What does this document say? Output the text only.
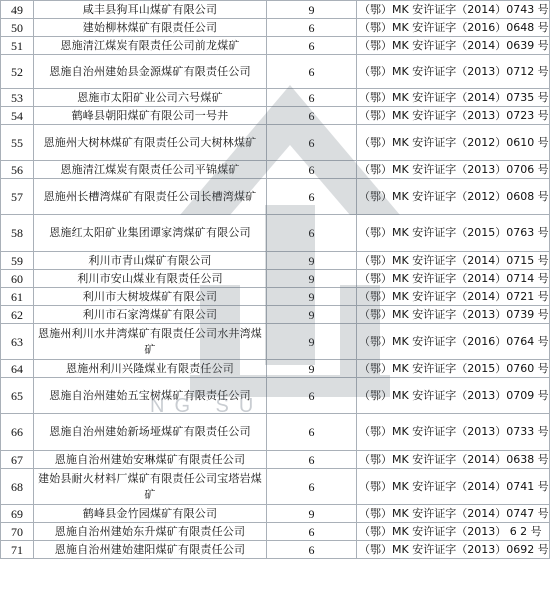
49	咸丰县狗耳山煤矿有限公司	9	（鄂）MK 安许证字（2014）0743 号
50	建始柳林煤矿有限责任公司	6	（鄂）MK 安许证字（2016）0648 号
51	恩施清江煤炭有限责任公司前龙煤矿	6	（鄂）MK 安许证字（2014）0639 号
52	恩施自治州建始县金源煤矿有限责任公司	6	（鄂）MK 安许证字（2013）0712 号
53	恩施市太阳矿业公司六号煤矿	6	（鄂）MK 安许证字（2014）0735 号
54	鹤峰县朝阳煤矿有限公司一号井	6	（鄂）MK 安许证字（2013）0723 号
55	恩施州大树林煤矿有限责任公司大树林煤矿	6	（鄂）MK 安许证字（2012）0610 号
56	恩施清江煤炭有限责任公司平锦煤矿	6	（鄂）MK 安许证字（2013）0706 号
57	恩施州长槽湾煤矿有限责任公司长槽湾煤矿	6	（鄂）MK 安许证字（2012）0608 号
58	恩施红太阳矿业集团谭家湾煤矿有限公司	6	（鄂）MK 安许证字（2015）0763 号
59	利川市青山煤矿有限公司	9	（鄂）MK 安许证字（2014）0715 号
60	利川市安山煤业有限责任公司	9	（鄂）MK 安许证字（2014）0714 号
61	利川市大树坡煤矿有限公司	9	（鄂）MK 安许证字（2014）0721 号
62	利川市石家湾煤矿有限公司	9	（鄂）MK 安许证字（2013）0739 号
63	恩施州利川水井湾煤矿有限责任公司水井湾煤矿	9	（鄂）MK 安许证字（2016）0764 号
64	恩施州利川兴隆煤业有限责任公司	9	（鄂）MK 安许证字（2015）0760 号
65	恩施自治州建始五宝树煤矿有限责任公司	6	（鄂）MK 安许证字（2013）0709 号
66	恩施自治州建始新场垭煤矿有限责任公司	6	（鄂）MK 安许证字（2013）0733 号
67	恩施自治州建始安琳煤矿有限责任公司	6	（鄂）MK 安许证字（2014）0638 号
68	建始县耐火材料厂煤矿有限责任公司宝塔岩煤矿	6	（鄂）MK 安许证字（2014）0741 号
69	鹤峰县金竹园煤矿有限公司	9	（鄂）MK 安许证字（2014）0747 号
70	恩施自治州建始东升煤矿有限责任公司	6	（鄂）MK 安许证字（2013） 6 2 号
71	恩施自治州建始建阳煤矿有限责任公司	6	（鄂）MK 安许证字（2013）0692 号
NG SU
